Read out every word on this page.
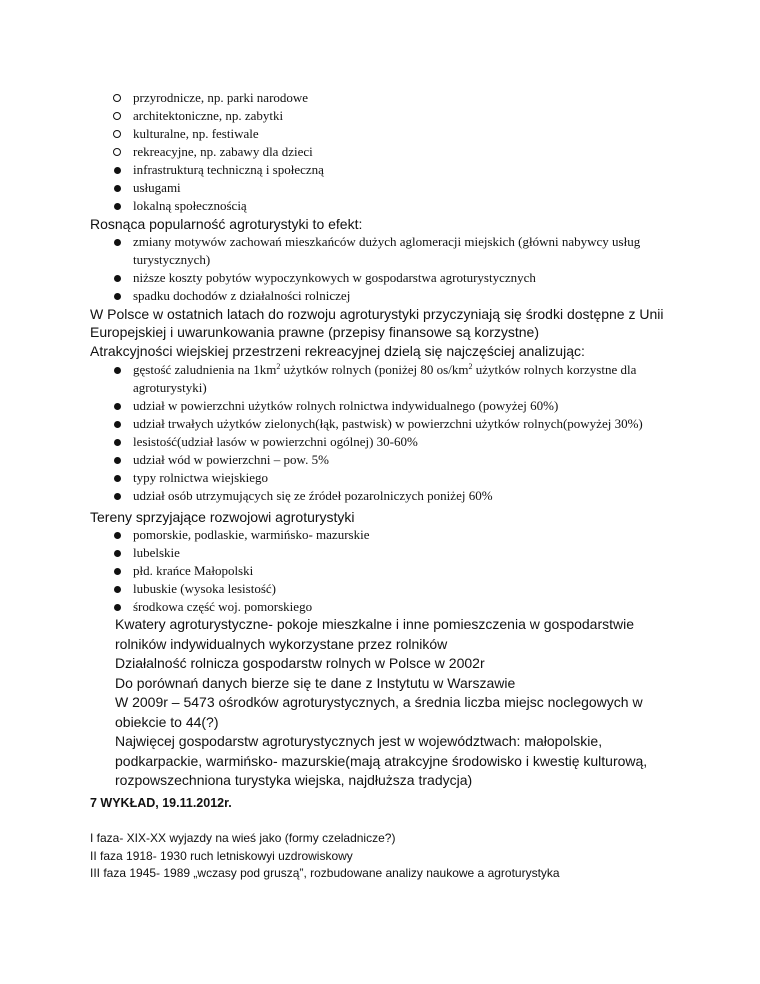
przyrodnicze, np. parki narodowe
architektoniczne, np. zabytki
kulturalne, np. festiwale
rekreacyjne, np. zabawy dla dzieci
infrastrukturą techniczną i społeczną
usługami
lokalną społecznością
Rosnąca popularność agroturystyki to efekt:
zmiany motywów zachowań mieszkańców dużych aglomeracji miejskich (główni nabywcy usług
turystycznych)
niższe koszty pobytów wypoczynkowych w gospodarstwa agroturystycznych
spadku dochodów z działalności rolniczej
W Polsce w ostatnich latach do rozwoju agroturystyki przyczyniają się środki dostępne z Unii
Europejskiej i uwarunkowania prawne (przepisy finansowe są korzystne)
Atrakcyjności wiejskiej przestrzeni rekreacyjnej dzielą się najczęściej analizując:
gęstość zaludnienia na $1km^2$ użytków rolnych (poniżej 80 $os/km^2$ użytków rolnych korzystne dla
agroturystyki)
udział w powierzchni użytków rolnych rolnictwa indywidualnego (powyżej 60%)
udział trwałych użytków zielonych(łąk, pastwisk) w powierzchni użytków rolnych(powyżej 30%)
lesistość(udział lasów w powierzchni ogólnej) 30-60%
udział wód w powierzchni – pow. 5%
typy rolnictwa wiejskiego
udział osób utrzymujących się ze źródeł pozarolniczych poniżej 60%
Tereny sprzyjające rozwojowi agroturystyki
pomorskie, podlaskie, warmińsko- mazurskie
lubelskie
płd. krańce Małopolski
lubuskie (wysoka lesistość)
środkowa część woj. pomorskiego
Kwatery agroturystyczne- pokoje mieszkalne i inne pomieszczenia w gospodarstwie
rolników indywidualnych wykorzystane przez rolników
Działalność rolnicza gospodarstw rolnych w Polsce w 2002r
Do porównań danych bierze się te dane z Instytutu w Warszawie
W 2009r – 5473 ośrodków agroturystycznych, a średnia liczba miejsc noclegowych w
obiekcie to 44(?)
Najwięcej gospodarstw agroturystycznych jest w województwach: małopolskie,
podkarpackie, warmińsko- mazurskie(mają atrakcyjne środowisko i kwestię kulturową,
rozpowszechniona turystyka wiejska, najdłuższa tradycja)
7 WYKŁAD, 19.11.2012r.
I faza- XIX-XX wyjazdy na wieś jako (formy czeladnicze?)
II faza 1918- 1930 ruch letniskowyi uzdrowiskowy
III faza 1945- 1989 „wczasy pod gruszą”, rozbudowane analizy naukowe a agroturystyka
